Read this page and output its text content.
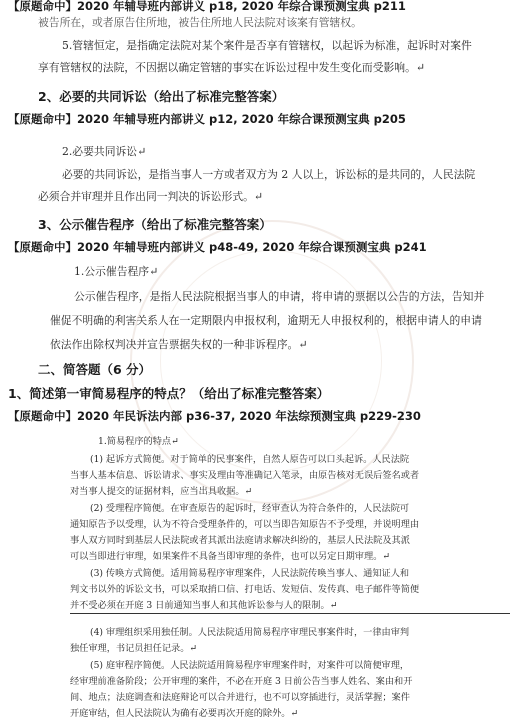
【原题命中】2020 年辅导班内部讲义 p18, 2020 年综合课预测宝典 p211
被告所在，或者原告住所地，被告住所地人民法院对该案有管辖权。
5.管辖恒定，是指确定法院对某个案件是否享有管辖权，以起诉为标准，起诉时对案件
享有管辖权的法院，不因据以确定管辖的事实在诉讼过程中发生变化而受影响。↵
2、必要的共同诉讼（给出了标准完整答案）
【原题命中】2020 年辅导班内部讲义 p12, 2020 年综合课预测宝典 p205
2.必要共同诉讼↵
必要的共同诉讼，是指当事人一方或者双方为 2 人以上，诉讼标的是共同的，人民法院
必须合并审理并且作出同一判决的诉讼形式。↵
3、公示催告程序（给出了标准完整答案）
【原题命中】2020 年辅导班内部讲义 p48-49, 2020 年综合课预测宝典 p241
1.公示催告程序↵
公示催告程序，是指人民法院根据当事人的申请，将申请的票据以公告的方法，告知并
催促不明确的利害关系人在一定期限内申报权利，逾期无人申报权利的，根据申请人的申请
依法作出除权判决并宣告票据失权的一种非诉程序。↵
二、简答题（6 分）
1、简述第一审简易程序的特点？（给出了标准完整答案）
【原题命中】2020 年民诉法内部 p36-37, 2020 年法综预测宝典 p229-230
1.简易程序的特点↵
(1) 起诉方式简便。对于简单的民事案件，自然人原告可以口头起诉。人民法院
当事人基本信息、诉讼请求、事实及理由等准确记入笔录，由原告核对无误后签名或者
对当事人提交的证据材料，应当出具收据。↵
(2) 受理程序简便。在审查原告的起诉时，经审查认为符合条件的，人民法院可
通知原告予以受理，认为不符合受理条件的，可以当即告知原告不予受理，并说明理由
事人双方同时到基层人民法院或者其派出法庭请求解决纠纷的，基层人民法院及其派
可以当即进行审理，如果案件不具备当即审理的条件，也可以另定日期审理。↵
(3) 传唤方式简便。适用简易程序审理案件，人民法院传唤当事人、通知证人和
判文书以外的诉讼文书，可以采取捎口信、打电话、发短信、发传真、电子邮件等简便
并不受必须在开庭 3 日前通知当事人和其他诉讼参与人的限制。↵
(4) 审理组织采用独任制。人民法院适用简易程序审理民事案件时，一律由审判
独任审理，书记员担任记录。↵
(5) 庭审程序简便。人民法院适用简易程序审理案件时，对案件可以简便审理，
经审理前准备阶段；公开审理的案件，不必在开庭 3 日前公告当事人姓名、案由和开
间、地点；法庭调查和法庭辩论可以合并进行，也不可以穿插进行，灵活掌握；案件
开庭审结，但人民法院认为确有必要再次开庭的除外。↵
